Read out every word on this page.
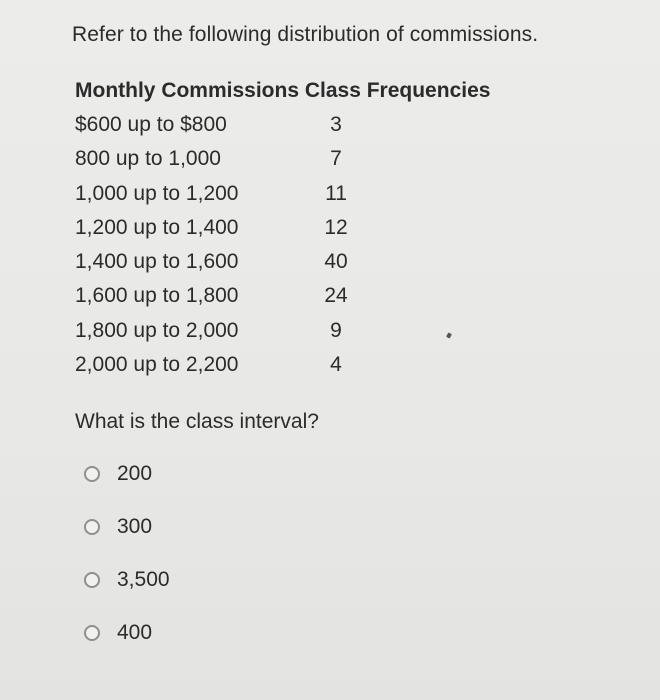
Refer to the following distribution of commissions.
Monthly Commissions Class Frequencies
$600 up to $800	3
800 up to 1,000	7
1,000 up to 1,200	11
1,200 up to 1,400	12
1,400 up to 1,600	40
1,600 up to 1,800	24
1,800 up to 2,000	9
2,000 up to 2,200	4
What is the class interval?
200
300
3,500
400
